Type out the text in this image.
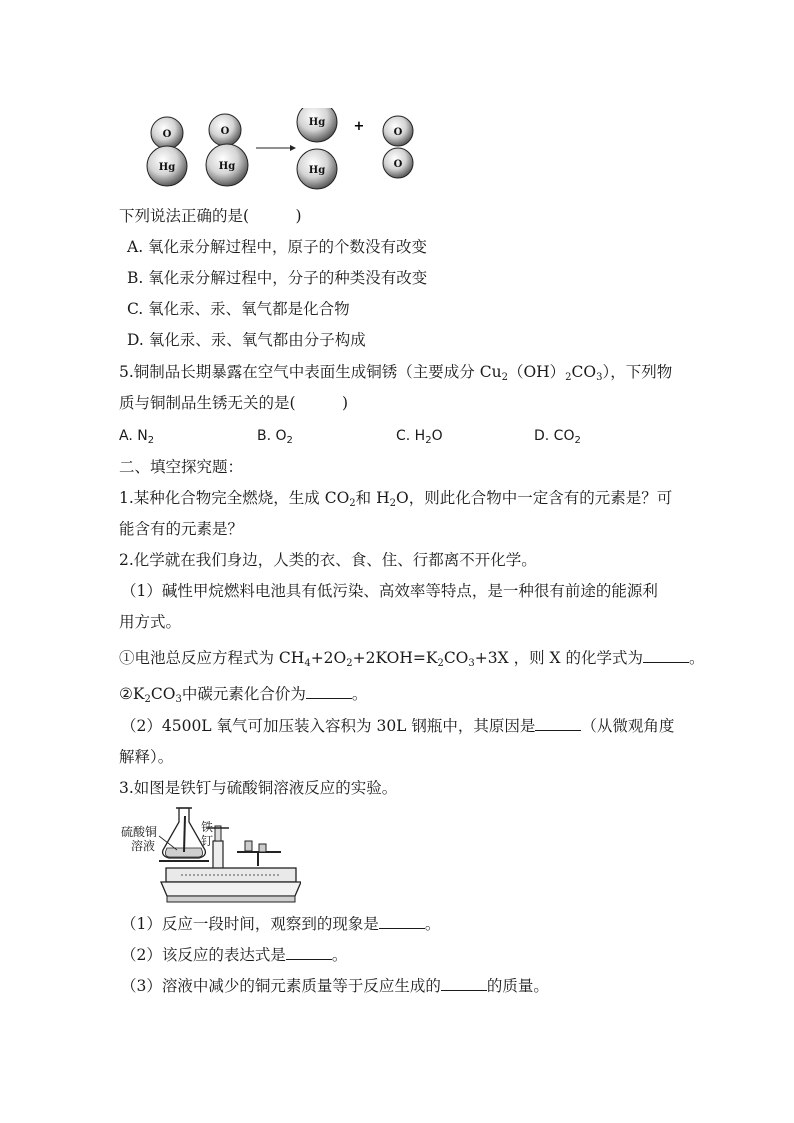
O
Hg
O
Hg
Hg
Hg
+	O
O
下列说法正确的是(　　　)
A. 氧化汞分解过程中，原子的个数没有改变
B. 氧化汞分解过程中，分子的种类没有改变
C. 氧化汞、汞、氧气都是化合物
D. 氧化汞、汞、氧气都由分子构成
5.铜制品长期暴露在空气中表面生成铜锈（主要成分 $Cu_2(OH)_2CO_3$），下列物
质与铜制品生锈无关的是(　　　)
A. $N_2$	B. $O_2$	C. $H_2O$	D. $CO_2$
二、填空探究题：
1.某种化合物完全燃烧，生成 $CO_2$和 $H_2O$，则此化合物中一定含有的元素是？可
能含有的元素是？
2.化学就在我们身边，人类的衣、食、住、行都离不开化学。
（1）碱性甲烷燃料电池具有低污染、高效率等特点，是一种很有前途的能源利
用方式。
①电池总反应方程式为 $CH_4+2O_2+2KOH=K_2CO_3+3X$ ，则 X 的化学式为	。
$②K_2CO_3$中碳元素化合价为	。
（2）4500L 氧气可加压装入容积为 30L 钢瓶中，其原因是	（从微观角度
解释）。
3.如图是铁钉与硫酸铜溶液反应的实验。
硫酸铜
溶液
铁
钉
（1）反应一段时间，观察到的现象是	。
（2）该反应的表达式是	。
（3）溶液中减少的铜元素质量等于反应生成的	的质量。
